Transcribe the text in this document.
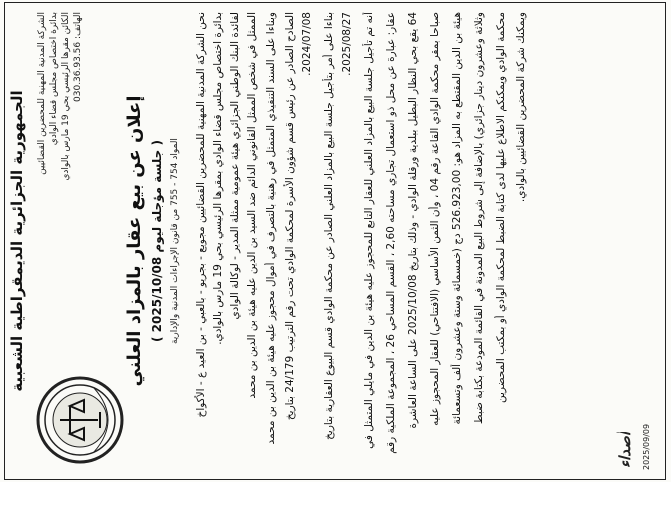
الجمهورية الجزائرية الديمقراطية الشعبية	الشركة المدنية المهنية للمحضرين القضائيين بدائرة اختصاص مجلس قضاء الوادي
الكائن مقرها الرئيسي بحي 19 مارس بالوادي الهاتف: 030.36.93.56
إعلان عن بيع عقار بالمزاد العلني ( جلسة مؤجلة ليوم 2025/10/08 )
المواد 754 - 755 من قانون الإجراءات المدنية والإدارية نحن الشركة المدنية المهنية للمحضرين القضائيين مجوبع - بجريو - بالعبي - بن العيد ع - الأكواخ بدائرة اختصاص مجلس قضاء الوادي بمقرها الرئيسي بحي 19 مارس بالوادي. لفائدة البنك الوطني الجزائري هيئة عمومية ممثلة المدير - لوكالة الوادي الممثل في شخص الممثل القانوني الدائم ضد السيد بن الدين عليه هيئة بن الدين بن محمد وبناءا على السند التنفيذي المتمثل في رهنية بالتصرف في أموال محجوز عليه هيئة بن الدين بن محمد الصادح الصادر عن رئيس قسم شؤون الأسرة لمحكمة الوادي تحت رقم الترتيب 24/179 بتاريخ 2024/07/08. بناءا على أمر بتأجيل جلسة البيع بالمزاد العلني الصادر عن محكمة الوادي قسم البيوع العقارية بتاريخ 2025/08/27. أنه تم تأجيل جلسة البيع بالمزاد العلني للعقار التابع للمحجوز عليه هيئة بن الدين في مايلي المتمثل في عقار: عبارة عن محل ذو استعمال تجاري مساحته 2,60 ، القسم المساحي 26 ، المجموعة الملكية رقم
64 يقع بحي النظار البطيل ببلدية ورقلة الوادي - وذلك بتاريخ 2025/10/08 على الساعة العاشرة
صباحا بمقر محكمة الوادي القاعة رقم 04 ، وأن الثمن الأساسي (الافتتاحي) للعقار المحجوز عليه
هيئة بن الدين المقتطع به المزاد هو: 526.923,00 دج (خمسمائة وستة وعشرون ألف وتسعمائة وثلاثة وعشرون دينار جزائري) بالإضافة إلى شروط البيع المدونة في القائمة المودعة بكتابة ضبط محكمة الوادي ويمكنكم الاطلاع عليها لدى كتابة الضبط لمحكمة الوادي أو بمكتب المحضرين ويمكنك شركة المحضرين القضائيين بالوادي.
أصداء 2025/09/09
